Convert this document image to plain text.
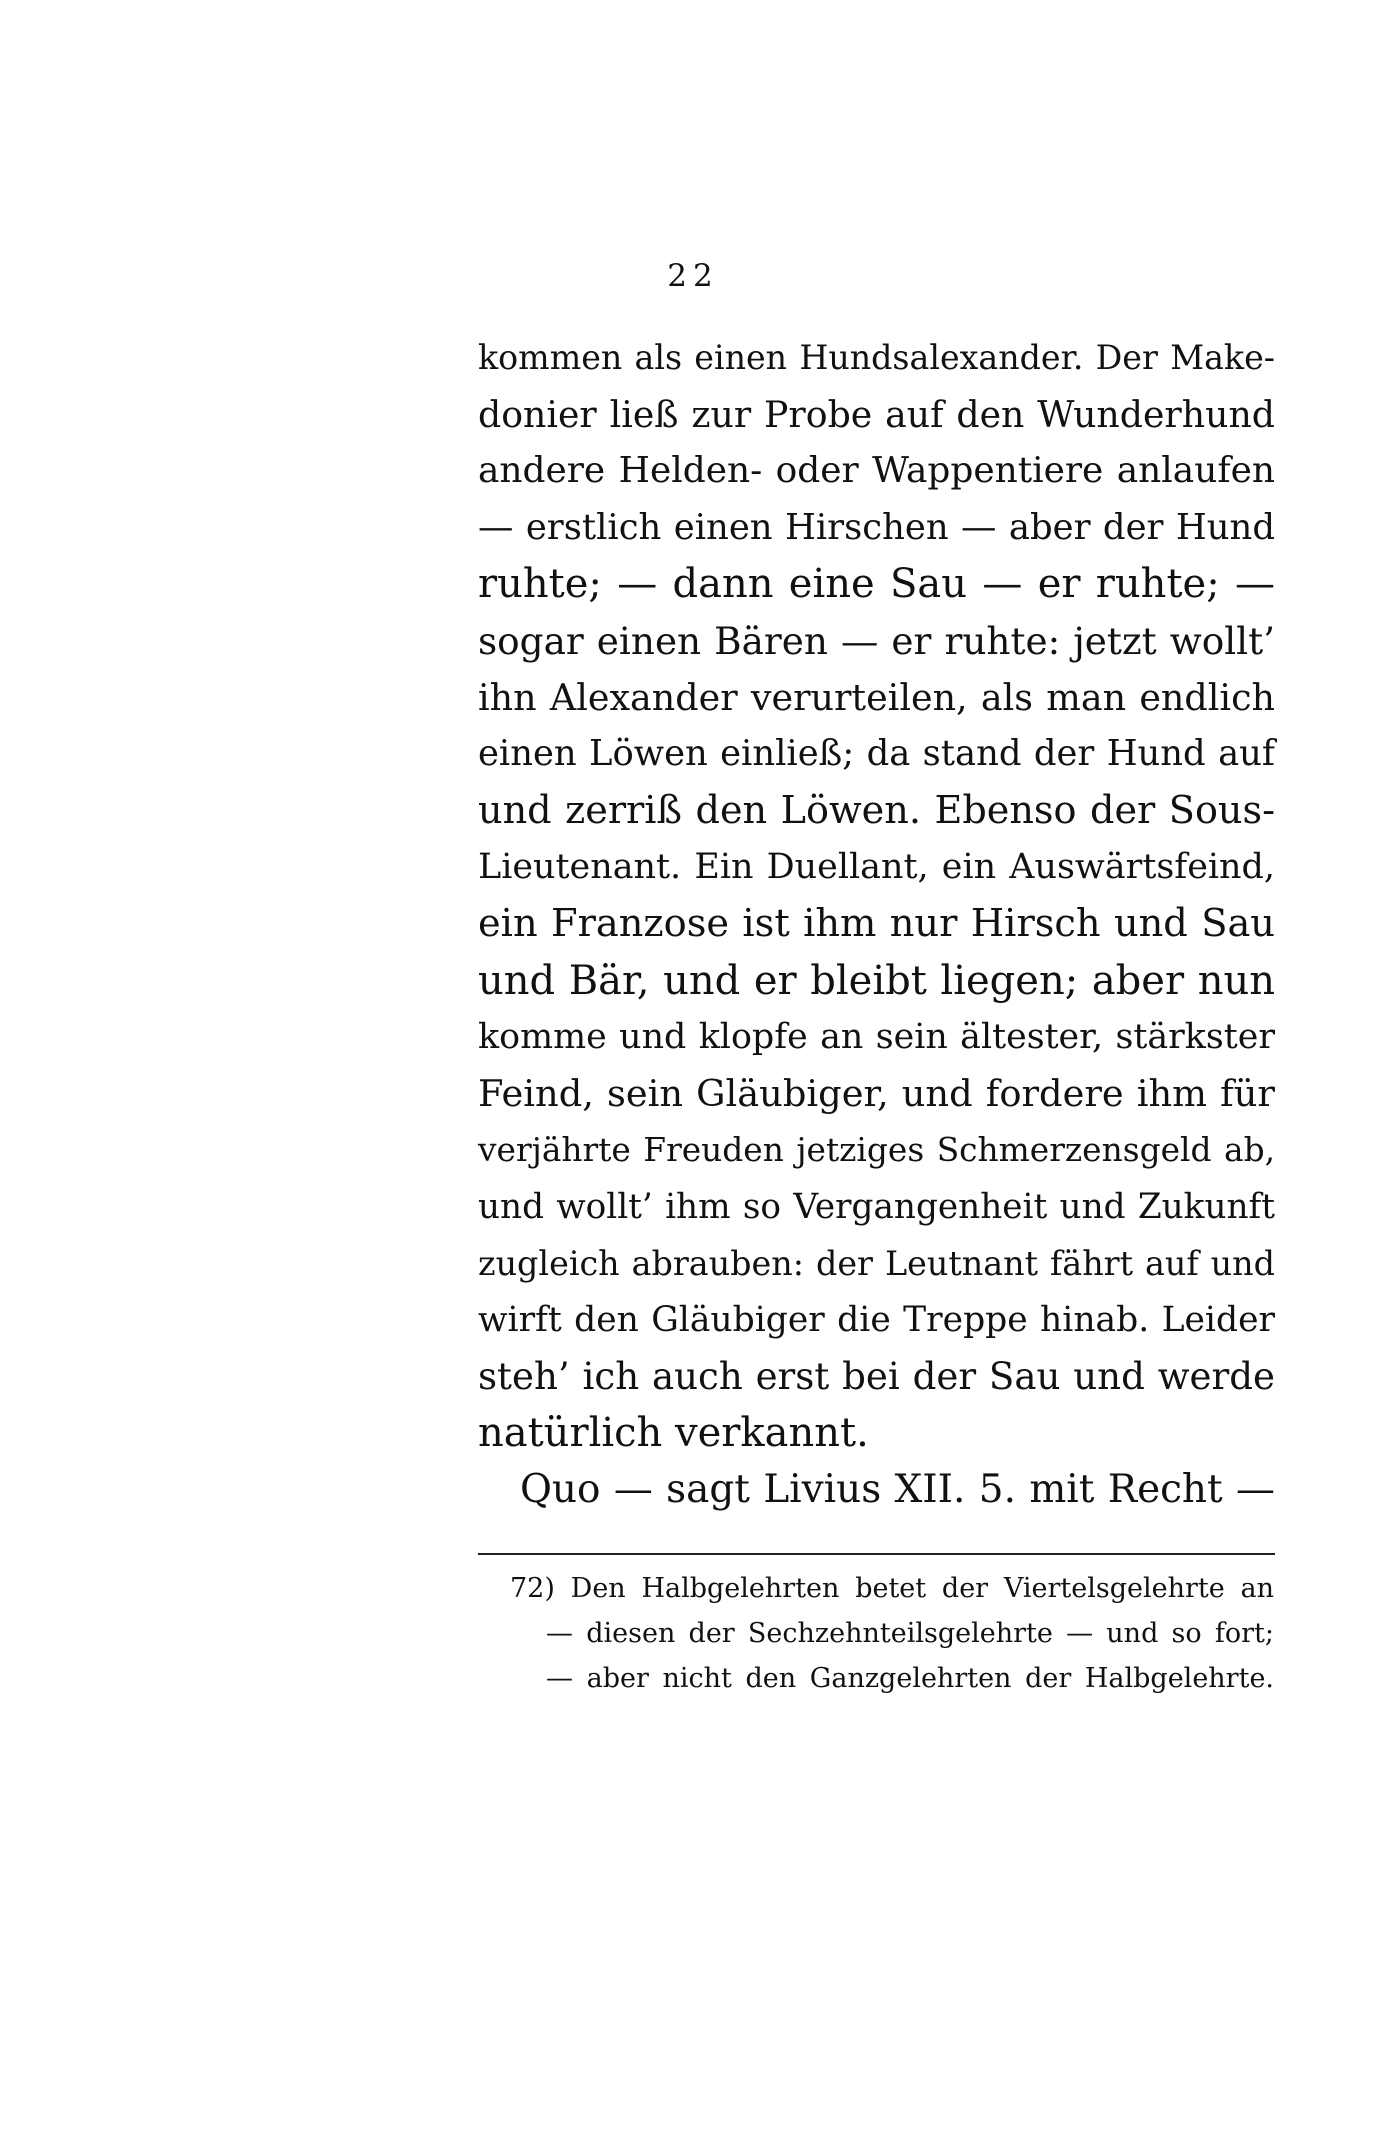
22
kommen als einen Hundsalexander. Der Make-
donier ließ zur Probe auf den Wunderhund
andere Helden- oder Wappentiere anlaufen
— erstlich einen Hirschen — aber der Hund
ruhte; — dann eine Sau — er ruhte; —
sogar einen Bären — er ruhte: jetzt wollt’
ihn Alexander verurteilen, als man endlich
einen Löwen einließ; da stand der Hund auf
und zerriß den Löwen. Ebenso der Sous-
Lieutenant. Ein Duellant, ein Auswärtsfeind,
ein Franzose ist ihm nur Hirsch und Sau
und Bär, und er bleibt liegen; aber nun
komme und klopfe an sein ältester, stärkster
Feind, sein Gläubiger, und fordere ihm für
verjährte Freuden jetziges Schmerzensgeld ab,
und wollt’ ihm so Vergangenheit und Zukunft
zugleich abrauben: der Leutnant fährt auf und
wirft den Gläubiger die Treppe hinab. Leider
steh’ ich auch erst bei der Sau und werde
natürlich verkannt.
Quo — sagt Livius XII. 5. mit Recht —
72) Den Halbgelehrten betet der Viertelsgelehrte an
— diesen der Sechzehnteilsgelehrte — und so fort;
— aber nicht den Ganzgelehrten der Halbgelehrte.
